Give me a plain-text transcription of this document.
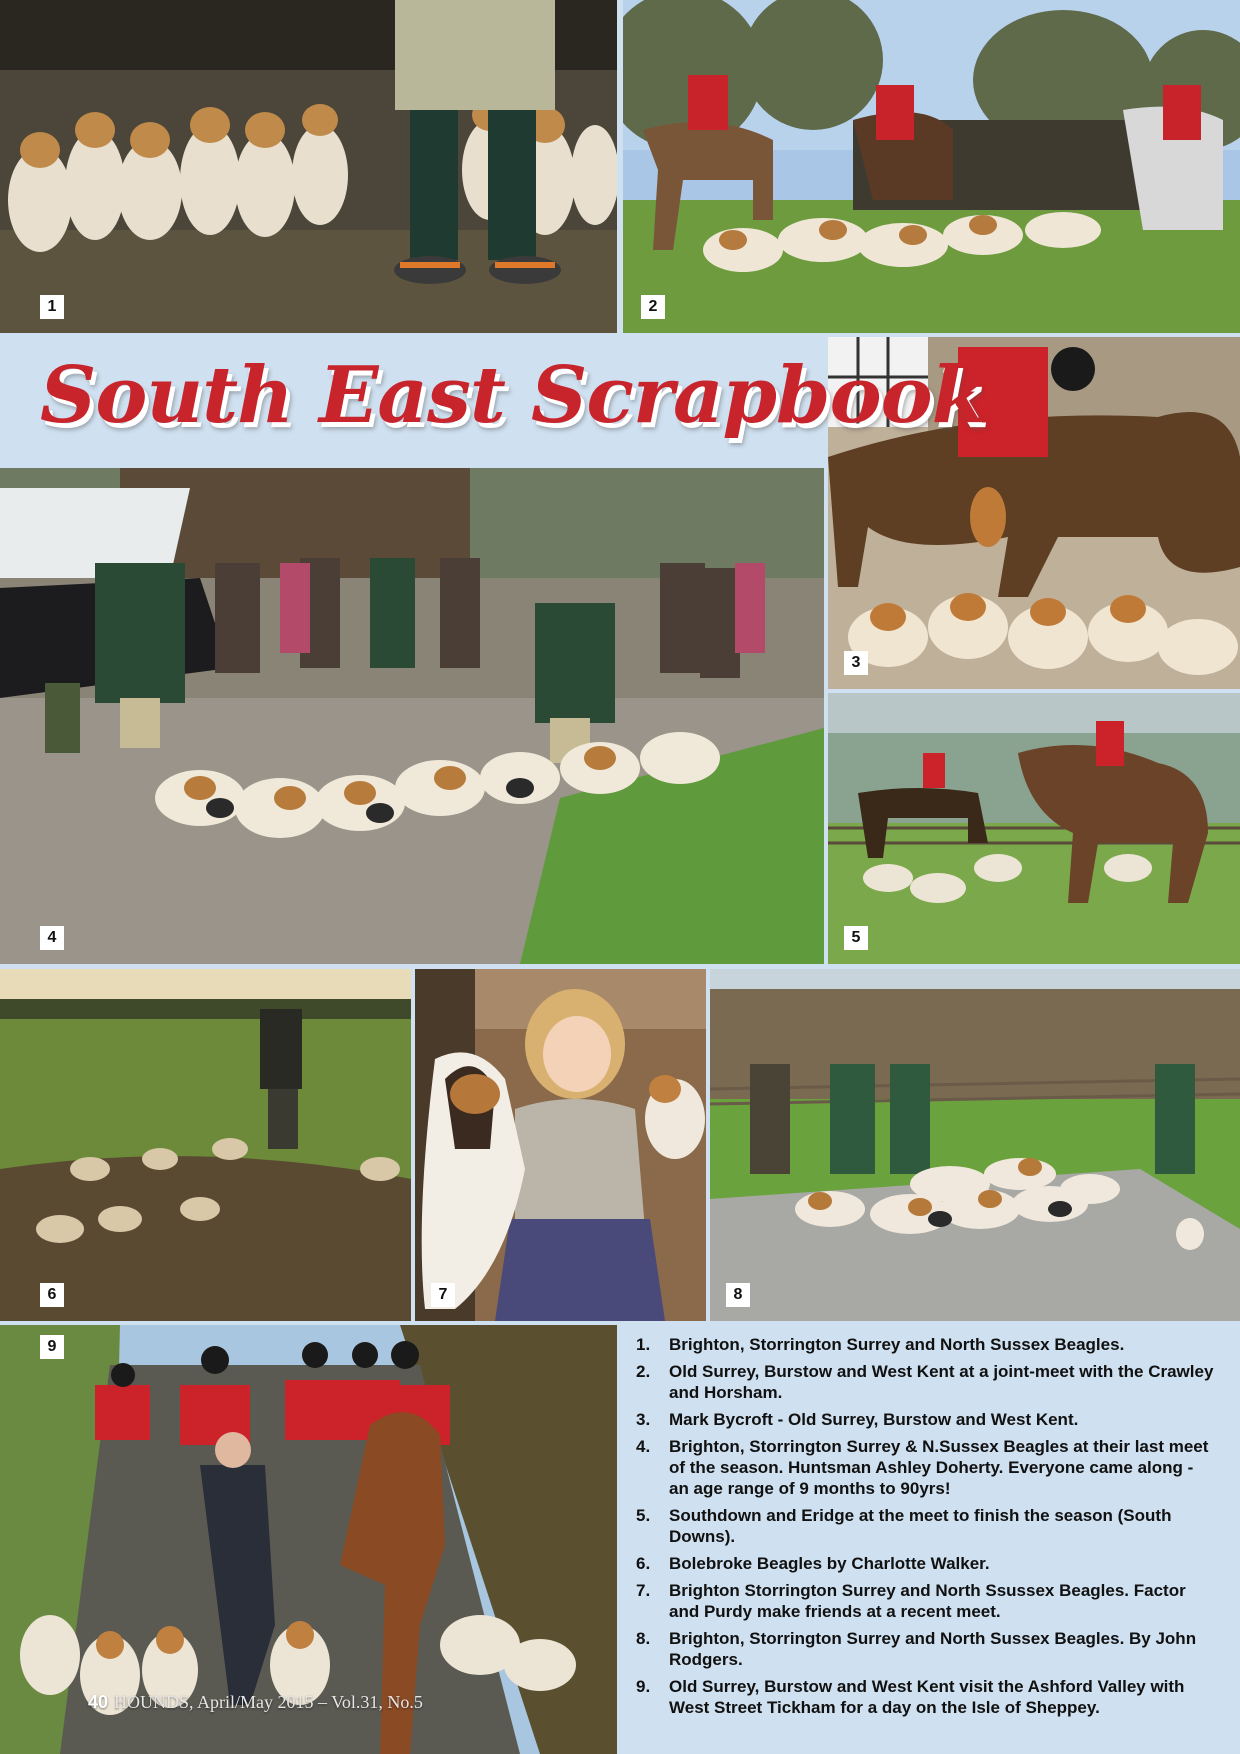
1	2
3
4	5
6	7	8
9
40 HOUNDS, April/May 2015 – Vol.31, No.5
South East Scrapbook
1.	Brighton, Storrington Surrey and North Sussex Beagles.
2.	Old Surrey, Burstow and West Kent at a joint-meet with the Crawley and Horsham.
3.	Mark Bycroft - Old Surrey, Burstow and West Kent.
4.	Brighton, Storrington Surrey & N.Sussex Beagles at their last meet of the season. Huntsman Ashley Doherty. Everyone came along - an age range of 9 months to 90yrs!
5.	Southdown and Eridge at the meet to finish the season (South Downs).
6.	Bolebroke Beagles by Charlotte Walker.
7.	Brighton Storrington Surrey and North Ssussex Beagles. Factor and Purdy make friends at a recent meet.
8.	Brighton, Storrington Surrey and North Sussex Beagles. By John Rodgers.
9.	Old Surrey, Burstow and West Kent visit the Ashford Valley with West Street Tickham for a day on the Isle of Sheppey.
